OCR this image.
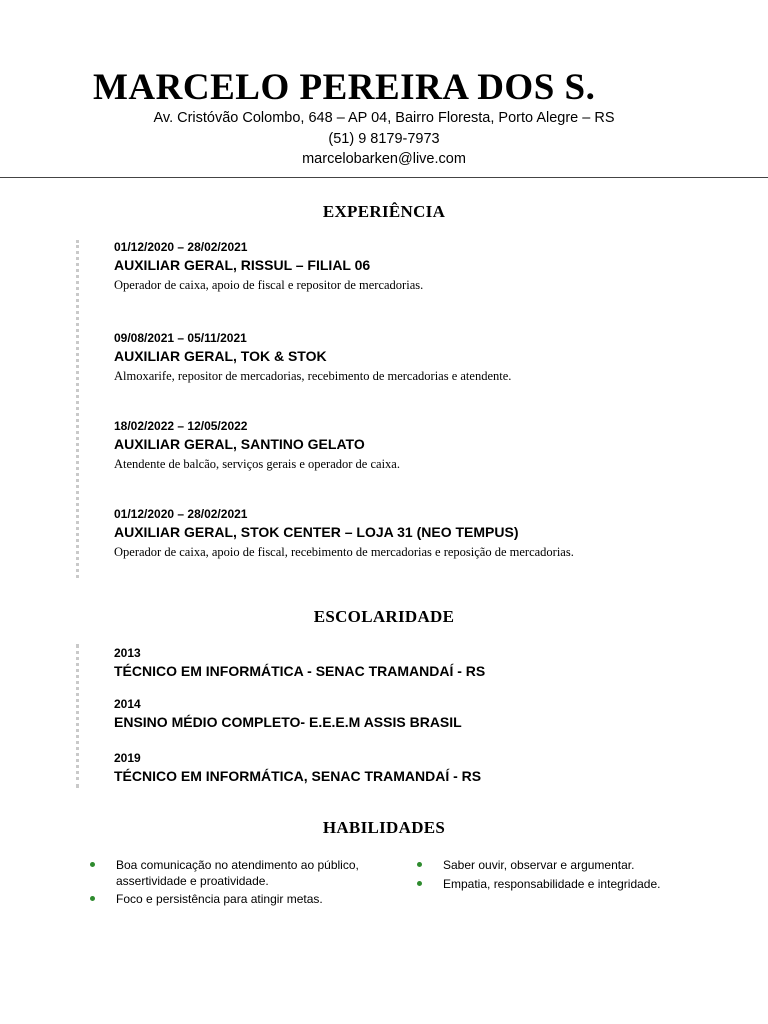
MARCELO PEREIRA DOS S.
Av. Cristóvão Colombo, 648 – AP 04, Bairro Floresta, Porto Alegre – RS
(51) 9 8179-7973
marcelobarken@live.com
EXPERIÊNCIA
01/12/2020 – 28/02/2021
AUXILIAR GERAL, RISSUL – FILIAL 06
Operador de caixa, apoio de fiscal e repositor de mercadorias.
09/08/2021 – 05/11/2021
AUXILIAR GERAL, TOK & STOK
Almoxarife, repositor de mercadorias, recebimento de mercadorias e atendente.
18/02/2022 – 12/05/2022
AUXILIAR GERAL, SANTINO GELATO
Atendente de balcão, serviços gerais e operador de caixa.
01/12/2020 – 28/02/2021
AUXILIAR GERAL, STOK CENTER – LOJA 31 (NEO TEMPUS)
Operador de caixa, apoio de fiscal, recebimento de mercadorias e reposição de mercadorias.
ESCOLARIDADE
2013
TÉCNICO EM INFORMÁTICA - SENAC TRAMANDAÍ - RS
2014
ENSINO MÉDIO COMPLETO- E.E.E.M ASSIS BRASIL
2019
TÉCNICO EM INFORMÁTICA, SENAC TRAMANDAÍ - RS
HABILIDADES
Boa comunicação no atendimento ao público, assertividade e proatividade.
Foco e persistência para atingir metas.
Saber ouvir, observar e argumentar.
Empatia, responsabilidade e integridade.
